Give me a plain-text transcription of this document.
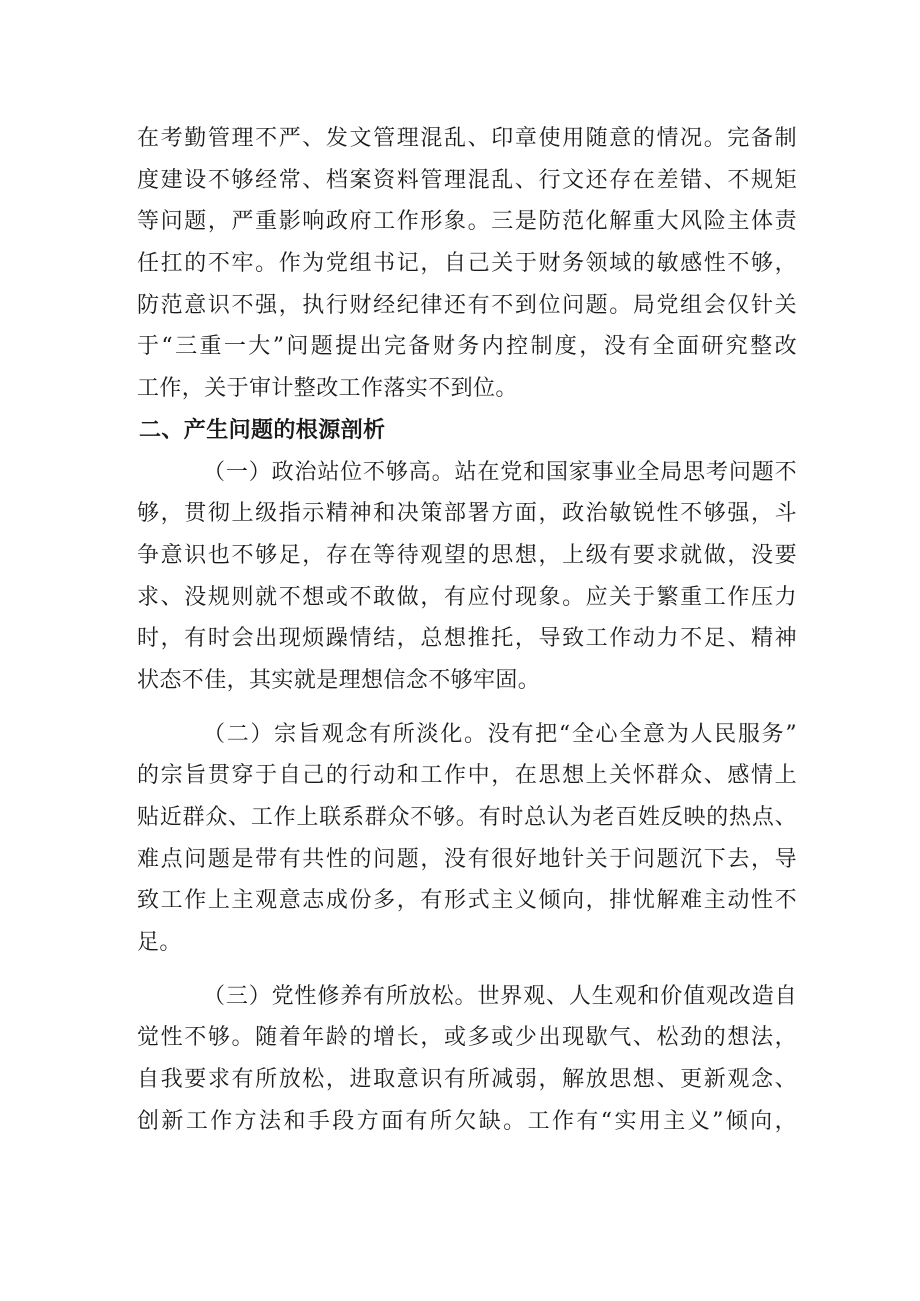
在考勤管理不严、发文管理混乱、印章使用随意的情况。完备制
度建设不够经常、档案资料管理混乱、行文还存在差错、不规矩
等问题，严重影响政府工作形象。三是防范化解重大风险主体责
任扛的不牢。作为党组书记，自己关于财务领域的敏感性不够，
防范意识不强，执行财经纪律还有不到位问题。局党组会仅针关
于“三重一大”问题提出完备财务内控制度，没有全面研究整改
工作，关于审计整改工作落实不到位。
二、产生问题的根源剖析
（一）政治站位不够高。站在党和国家事业全局思考问题不
够，贯彻上级指示精神和决策部署方面，政治敏锐性不够强，斗
争意识也不够足，存在等待观望的思想，上级有要求就做，没要
求、没规则就不想或不敢做，有应付现象。应关于繁重工作压力
时，有时会出现烦躁情结，总想推托，导致工作动力不足、精神
状态不佳，其实就是理想信念不够牢固。
（二）宗旨观念有所淡化。没有把“全心全意为人民服务”
的宗旨贯穿于自己的行动和工作中，在思想上关怀群众、感情上
贴近群众、工作上联系群众不够。有时总认为老百姓反映的热点、
难点问题是带有共性的问题，没有很好地针关于问题沉下去，导
致工作上主观意志成份多，有形式主义倾向，排忧解难主动性不
足。
（三）党性修养有所放松。世界观、人生观和价值观改造自
觉性不够。随着年龄的增长，或多或少出现歇气、松劲的想法，
自我要求有所放松，进取意识有所减弱，解放思想、更新观念、
创新工作方法和手段方面有所欠缺。工作有“实用主义”倾向，
